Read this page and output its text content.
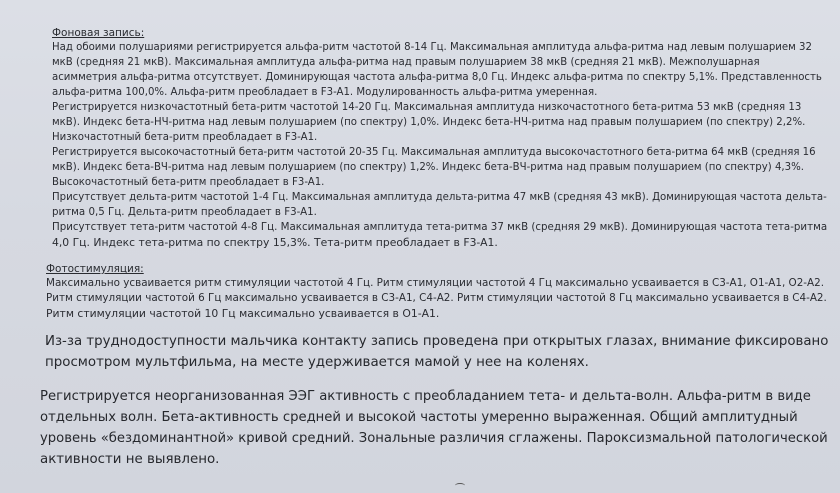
Фоновая запись:
Над обоими полушариями регистрируется альфа-ритм частотой 8-14 Гц. Максимальная амплитуда альфа-ритма над левым полушарием 32
мкВ (средняя 21 мкВ). Максимальная амплитуда альфа-ритма над правым полушарием 38 мкВ (средняя 21 мкВ). Межполушарная
асимметрия альфа-ритма отсутствует. Доминирующая частота альфа-ритма 8,0 Гц. Индекс альфа-ритма по спектру 5,1%. Представленность
альфа-ритма 100,0%. Альфа-ритм преобладает в F3-A1. Модулированность альфа-ритма умеренная.
Регистрируется низкочастотный бета-ритм частотой 14-20 Гц. Максимальная амплитуда низкочастотного бета-ритма 53 мкВ (средняя 13
мкВ). Индекс бета-НЧ-ритма над левым полушарием (по спектру) 1,0%. Индекс бета-НЧ-ритма над правым полушарием (по спектру) 2,2%.
Низкочастотный бета-ритм преобладает в F3-A1.
Регистрируется высокочастотный бета-ритм частотой 20-35 Гц. Максимальная амплитуда высокочастотного бета-ритма 64 мкВ (средняя 16
мкВ). Индекс бета-ВЧ-ритма над левым полушарием (по спектру) 1,2%. Индекс бета-ВЧ-ритма над правым полушарием (по спектру) 4,3%.
Высокочастотный бета-ритм преобладает в F3-A1.
Присутствует дельта-ритм частотой 1-4 Гц. Максимальная амплитуда дельта-ритма 47 мкВ (средняя 43 мкВ). Доминирующая частота дельта-
ритма 0,5 Гц. Дельта-ритм преобладает в F3-A1.
Присутствует тета-ритм частотой 4-8 Гц. Максимальная амплитуда тета-ритма 37 мкВ (средняя 29 мкВ). Доминирующая частота тета-ритма
4,0 Гц. Индекс тета-ритма по спектру 15,3%. Тета-ритм преобладает в F3-A1.
Фотостимуляция:
Максимально усваивается ритм стимуляции частотой 4 Гц. Ритм стимуляции частотой 4 Гц максимально усваивается в С3-А1, О1-А1, О2-А2.
Ритм стимуляции частотой 6 Гц максимально усваивается в С3-А1, С4-А2. Ритм стимуляции частотой 8 Гц максимально усваивается в С4-А2.
Ритм стимуляции частотой 10 Гц максимально усваивается в О1-А1.
Из-за труднодоступности мальчика контакту запись проведена при открытых глазах, внимание фиксировано
просмотром мультфильма, на месте удерживается мамой у нее на коленях.
Регистрируется неорганизованная ЭЭГ активность с преобладанием тета- и дельта-волн. Альфа-ритм в виде
отдельных волн. Бета-активность средней и высокой частоты умеренно выраженная. Общий амплитудный
уровень «бездоминантной» кривой средний. Зональные различия сглажены. Пароксизмальной патологической
активности не выявлено.
